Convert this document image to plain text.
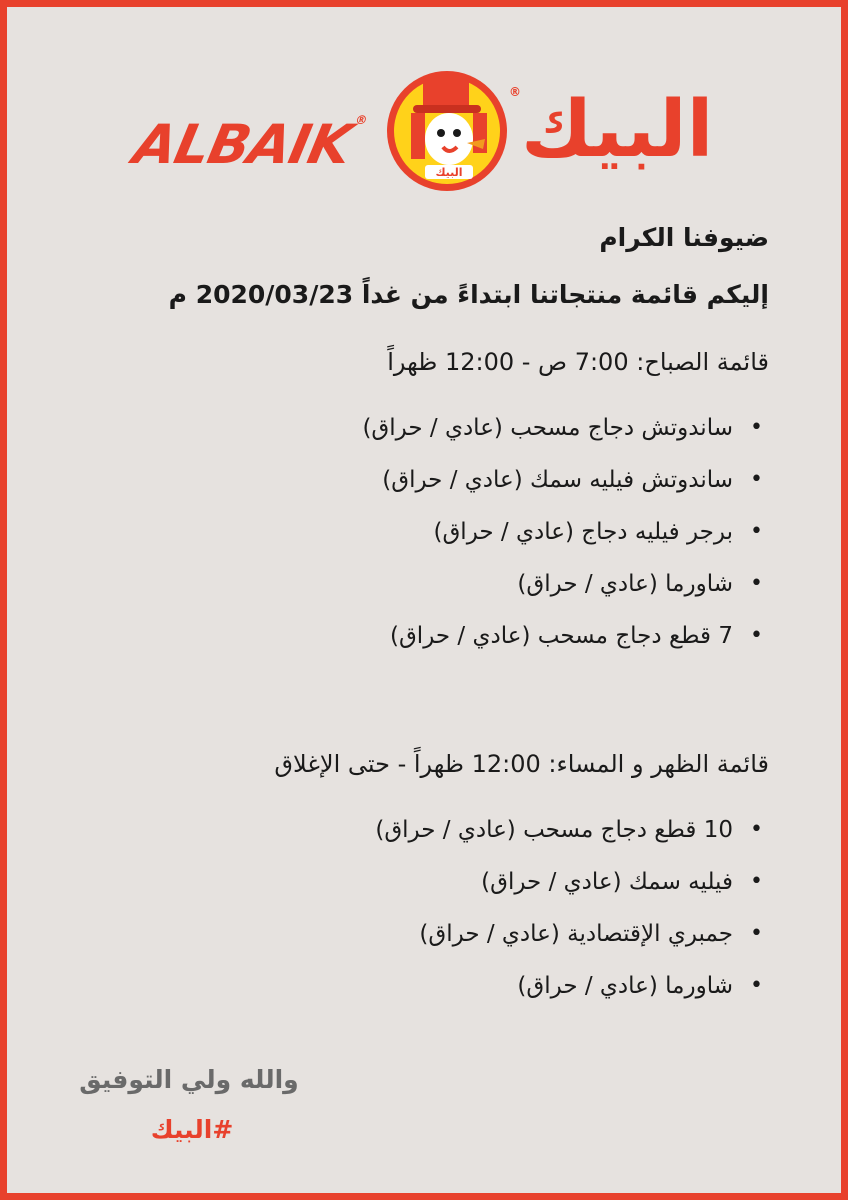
ALBAIK®
البيك البيك®

ضيوفنا الكرام

إليكم قائمة منتجاتنا ابتداءً من غداً 2020/03/23 م

قائمة الصباح: 7:00 ص - 12:00 ظهراً

• ساندوتش دجاج مسحب (عادي / حراق)
• ساندوتش فيليه سمك (عادي / حراق)
• برجر فيليه دجاج (عادي / حراق)
• شاورما (عادي / حراق)
• 7 قطع دجاج مسحب (عادي / حراق)

قائمة الظهر و المساء: 12:00 ظهراً - حتى الإغلاق

• 10 قطع دجاج مسحب (عادي / حراق)
• فيليه سمك (عادي / حراق)
• جمبري الإقتصادية (عادي / حراق)
• شاورما (عادي / حراق)
والله ولي التوفيق
#البيك
